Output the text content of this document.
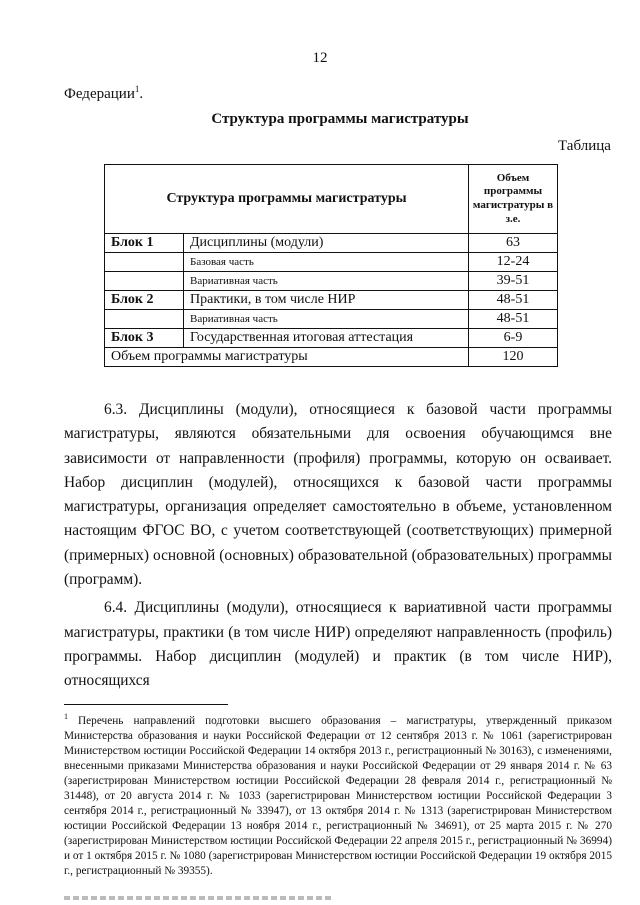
12
Федерации$^1$.
Структура программы магистратуры
Таблица
Структура программы магистратуры		Объем программы магистратуры в з.е.
Блок 1	Дисциплины (модули)	63
	Базовая часть	12-24
	Вариативная часть	39-51
Блок 2	Практики, в том числе НИР	48-51
	Вариативная часть	48-51
Блок 3	Государственная итоговая аттестация	6-9
Объем программы магистратуры		120

6.3. Дисциплины (модули), относящиеся к базовой части программы магистратуры, являются обязательными для освоения обучающимся вне зависимости от направленности (профиля) программы, которую он осваивает. Набор дисциплин (модулей), относящихся к базовой части программы магистратуры, организация определяет самостоятельно в объеме, установленном настоящим ФГОС ВО, с учетом соответствующей (соответствующих) примерной (примерных) основной (основных) образовательной (образовательных) программы (программ).

6.4. Дисциплины (модули), относящиеся к вариативной части программы магистратуры, практики (в том числе НИР) определяют направленность (профиль) программы. Набор дисциплин (модулей) и практик (в том числе НИР), относящихся

$^1$ Перечень направлений подготовки высшего образования – магистратуры, утвержденный приказом Министерства образования и науки Российской Федерации от 12 сентября 2013 г. № 1061 (зарегистрирован Министерством юстиции Российской Федерации 14 октября 2013 г., регистрационный № 30163), с изменениями, внесенными приказами Министерства образования и науки Российской Федерации от 29 января 2014 г. № 63 (зарегистрирован Министерством юстиции Российской Федерации 28 февраля 2014 г., регистрационный № 31448), от 20 августа 2014 г. № 1033 (зарегистрирован Министерством юстиции Российской Федерации 3 сентября 2014 г., регистрационный № 33947), от 13 октября 2014 г. № 1313 (зарегистрирован Министерством юстиции Российской Федерации 13 ноября 2014 г., регистрационный № 34691), от 25 марта 2015 г. № 270 (зарегистрирован Министерством юстиции Российской Федерации 22 апреля 2015 г., регистрационный № 36994) и от 1 октября 2015 г. № 1080 (зарегистрирован Министерством юстиции Российской Федерации 19 октября 2015 г., регистрационный № 39355).
